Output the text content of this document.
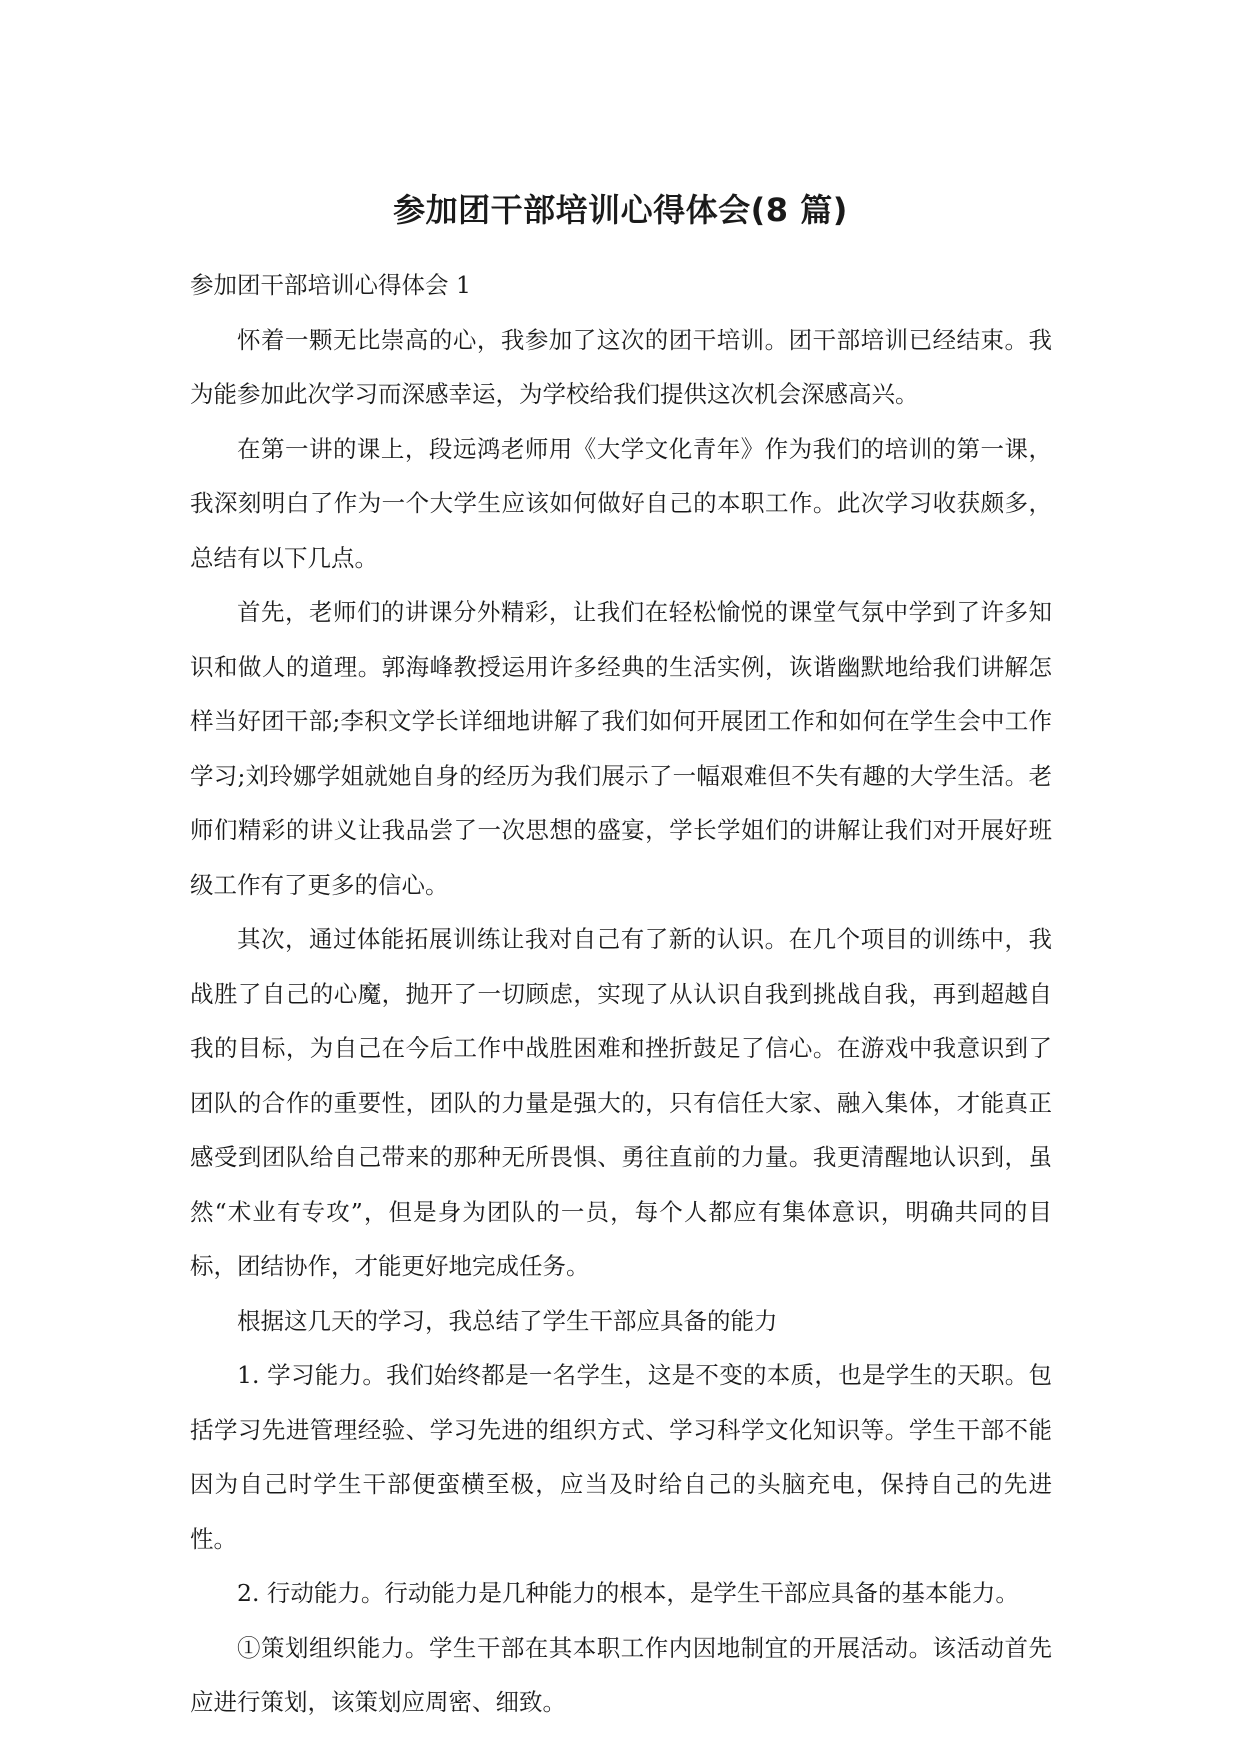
参加团干部培训心得体会(8 篇)

参加团干部培训心得体会 1

怀着一颗无比崇高的心，我参加了这次的团干培训。团干部培训已经结束。我为能参加此次学习而深感幸运，为学校给我们提供这次机会深感高兴。

在第一讲的课上，段远鸿老师用《大学文化青年》作为我们的培训的第一课，我深刻明白了作为一个大学生应该如何做好自己的本职工作。此次学习收获颇多，总结有以下几点。

首先，老师们的讲课分外精彩，让我们在轻松愉悦的课堂气氛中学到了许多知识和做人的道理。郭海峰教授运用许多经典的生活实例，诙谐幽默地给我们讲解怎样当好团干部;李积文学长详细地讲解了我们如何开展团工作和如何在学生会中工作学习;刘玲娜学姐就她自身的经历为我们展示了一幅艰难但不失有趣的大学生活。老师们精彩的讲义让我品尝了一次思想的盛宴，学长学姐们的讲解让我们对开展好班级工作有了更多的信心。

其次，通过体能拓展训练让我对自己有了新的认识。在几个项目的训练中，我战胜了自己的心魔，抛开了一切顾虑，实现了从认识自我到挑战自我，再到超越自我的目标，为自己在今后工作中战胜困难和挫折鼓足了信心。在游戏中我意识到了团队的合作的重要性，团队的力量是强大的，只有信任大家、融入集体，才能真正感受到团队给自己带来的那种无所畏惧、勇往直前的力量。我更清醒地认识到，虽然“术业有专攻”，但是身为团队的一员，每个人都应有集体意识，明确共同的目标，团结协作，才能更好地完成任务。

根据这几天的学习，我总结了学生干部应具备的能力

1. 学习能力。我们始终都是一名学生，这是不变的本质，也是学生的天职。包括学习先进管理经验、学习先进的组织方式、学习科学文化知识等。学生干部不能因为自己时学生干部便蛮横至极，应当及时给自己的头脑充电，保持自己的先进性。

2. 行动能力。行动能力是几种能力的根本，是学生干部应具备的基本能力。

①策划组织能力。学生干部在其本职工作内因地制宜的开展活动。该活动首先应进行策划，该策划应周密、细致。
